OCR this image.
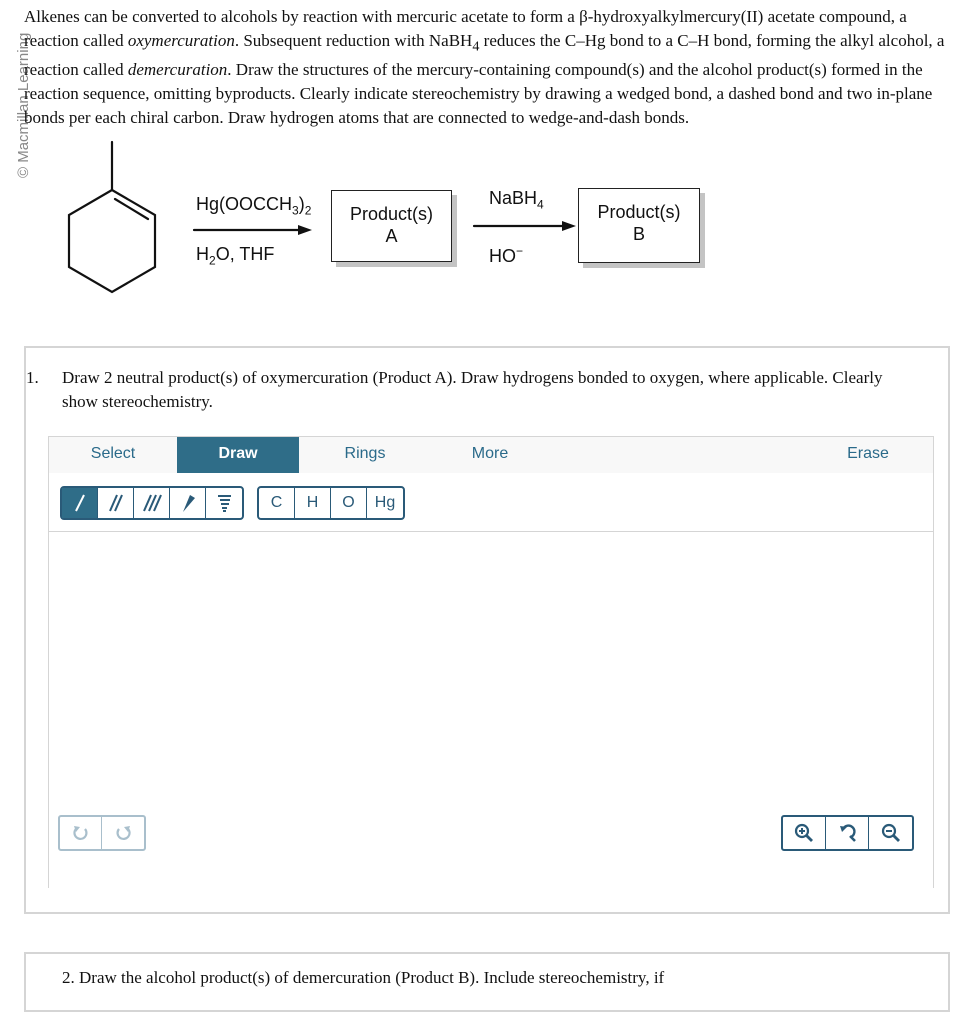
© Macmillan Learning
Alkenes can be converted to alcohols by reaction with mercuric acetate to form a β-hydroxyalkylmercury(II) acetate compound, a reaction called oxymercuration. Subsequent reduction with NaBH$_4$ reduces the C–Hg bond to a C–H bond, forming the alkyl alcohol, a reaction called demercuration. Draw the structures of the mercury-containing compound(s) and the alcohol product(s) formed in the reaction sequence, omitting byproducts. Clearly indicate stereochemistry by drawing a wedged bond, a dashed bond and two in-plane bonds per each chiral carbon. Draw hydrogen atoms that are connected to wedge-and-dash bonds.
$Hg(OOCCH_3)_2$
$H_2O$, THF
Product(s)
A
NaBH$_4$
HO−
Product(s)
B
1. Draw 2 neutral product(s) of oxymercuration (Product A). Draw hydrogens bonded to oxygen, where applicable. Clearly show stereochemistry.
Select	Draw	Rings	More	Erase
C	H	O	Hg
2. Draw the alcohol product(s) of demercuration (Product B). Include stereochemistry, if
